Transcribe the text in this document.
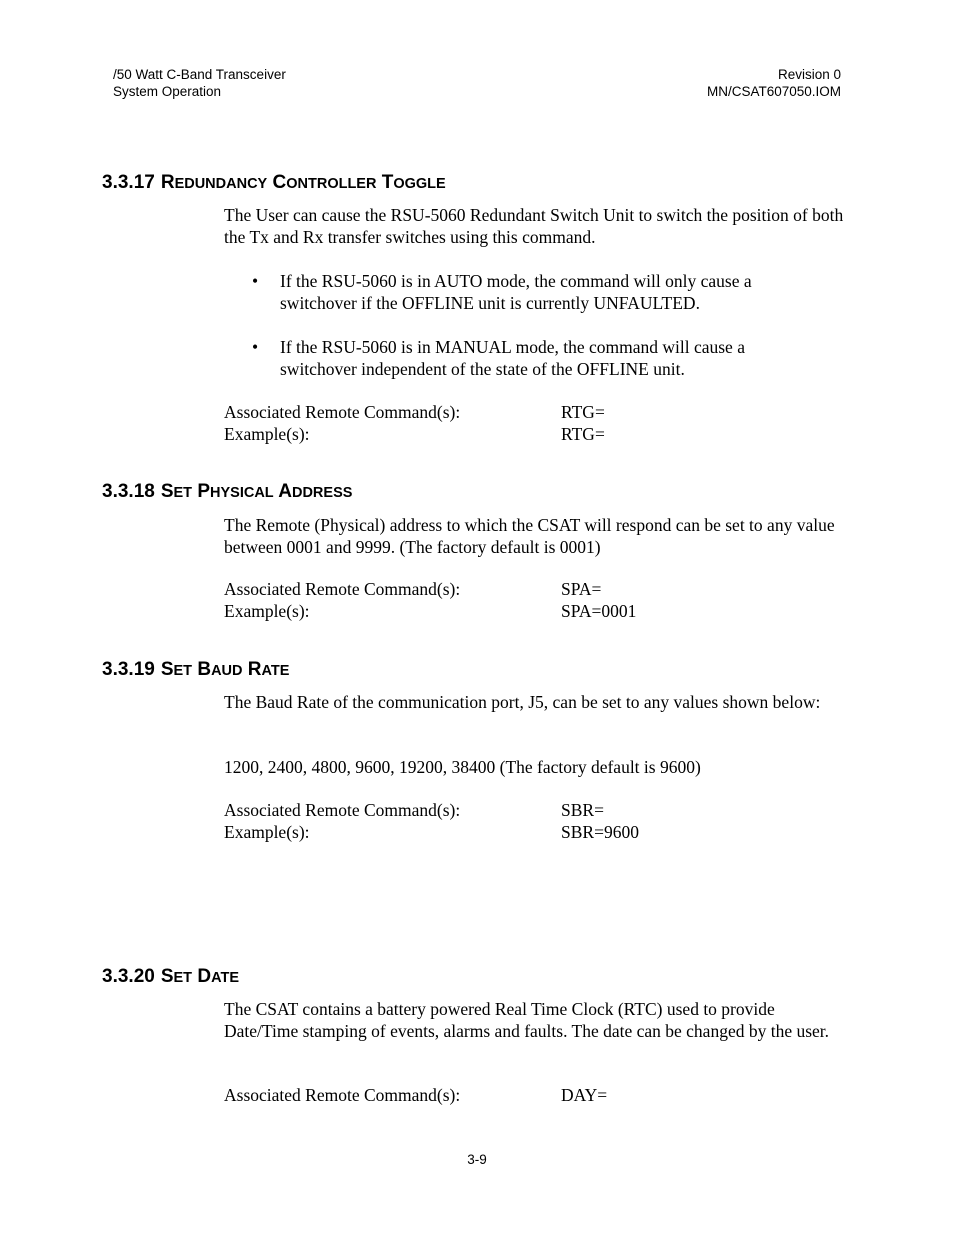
/50 Watt C-Band Transceiver
System Operation
Revision 0
MN/CSAT607050.IOM
3.3.17 REDUNDANCY CONTROLLER TOGGLE
The User can cause the RSU-5060 Redundant Switch Unit to switch the position of both the Tx and Rx transfer switches using this command.
• If the RSU-5060 is in AUTO mode, the command will only cause a switchover if the OFFLINE unit is currently UNFAULTED.
• If the RSU-5060 is in MANUAL mode, the command will cause a switchover independent of the state of the OFFLINE unit.
Associated Remote Command(s):	RTG=
Example(s):	RTG=
3.3.18 SET PHYSICAL ADDRESS
The Remote (Physical) address to which the CSAT will respond can be set to any value between 0001 and 9999. (The factory default is 0001)
Associated Remote Command(s):	SPA=
Example(s):	SPA=0001
3.3.19 SET BAUD RATE
The Baud Rate of the communication port, J5, can be set to any values shown below:
1200, 2400, 4800, 9600, 19200, 38400 (The factory default is 9600)
Associated Remote Command(s):	SBR=
Example(s):	SBR=9600
3.3.20 SET DATE
The CSAT contains a battery powered Real Time Clock (RTC) used to provide Date/Time stamping of events, alarms and faults. The date can be changed by the user.
Associated Remote Command(s):	DAY=
3-9
